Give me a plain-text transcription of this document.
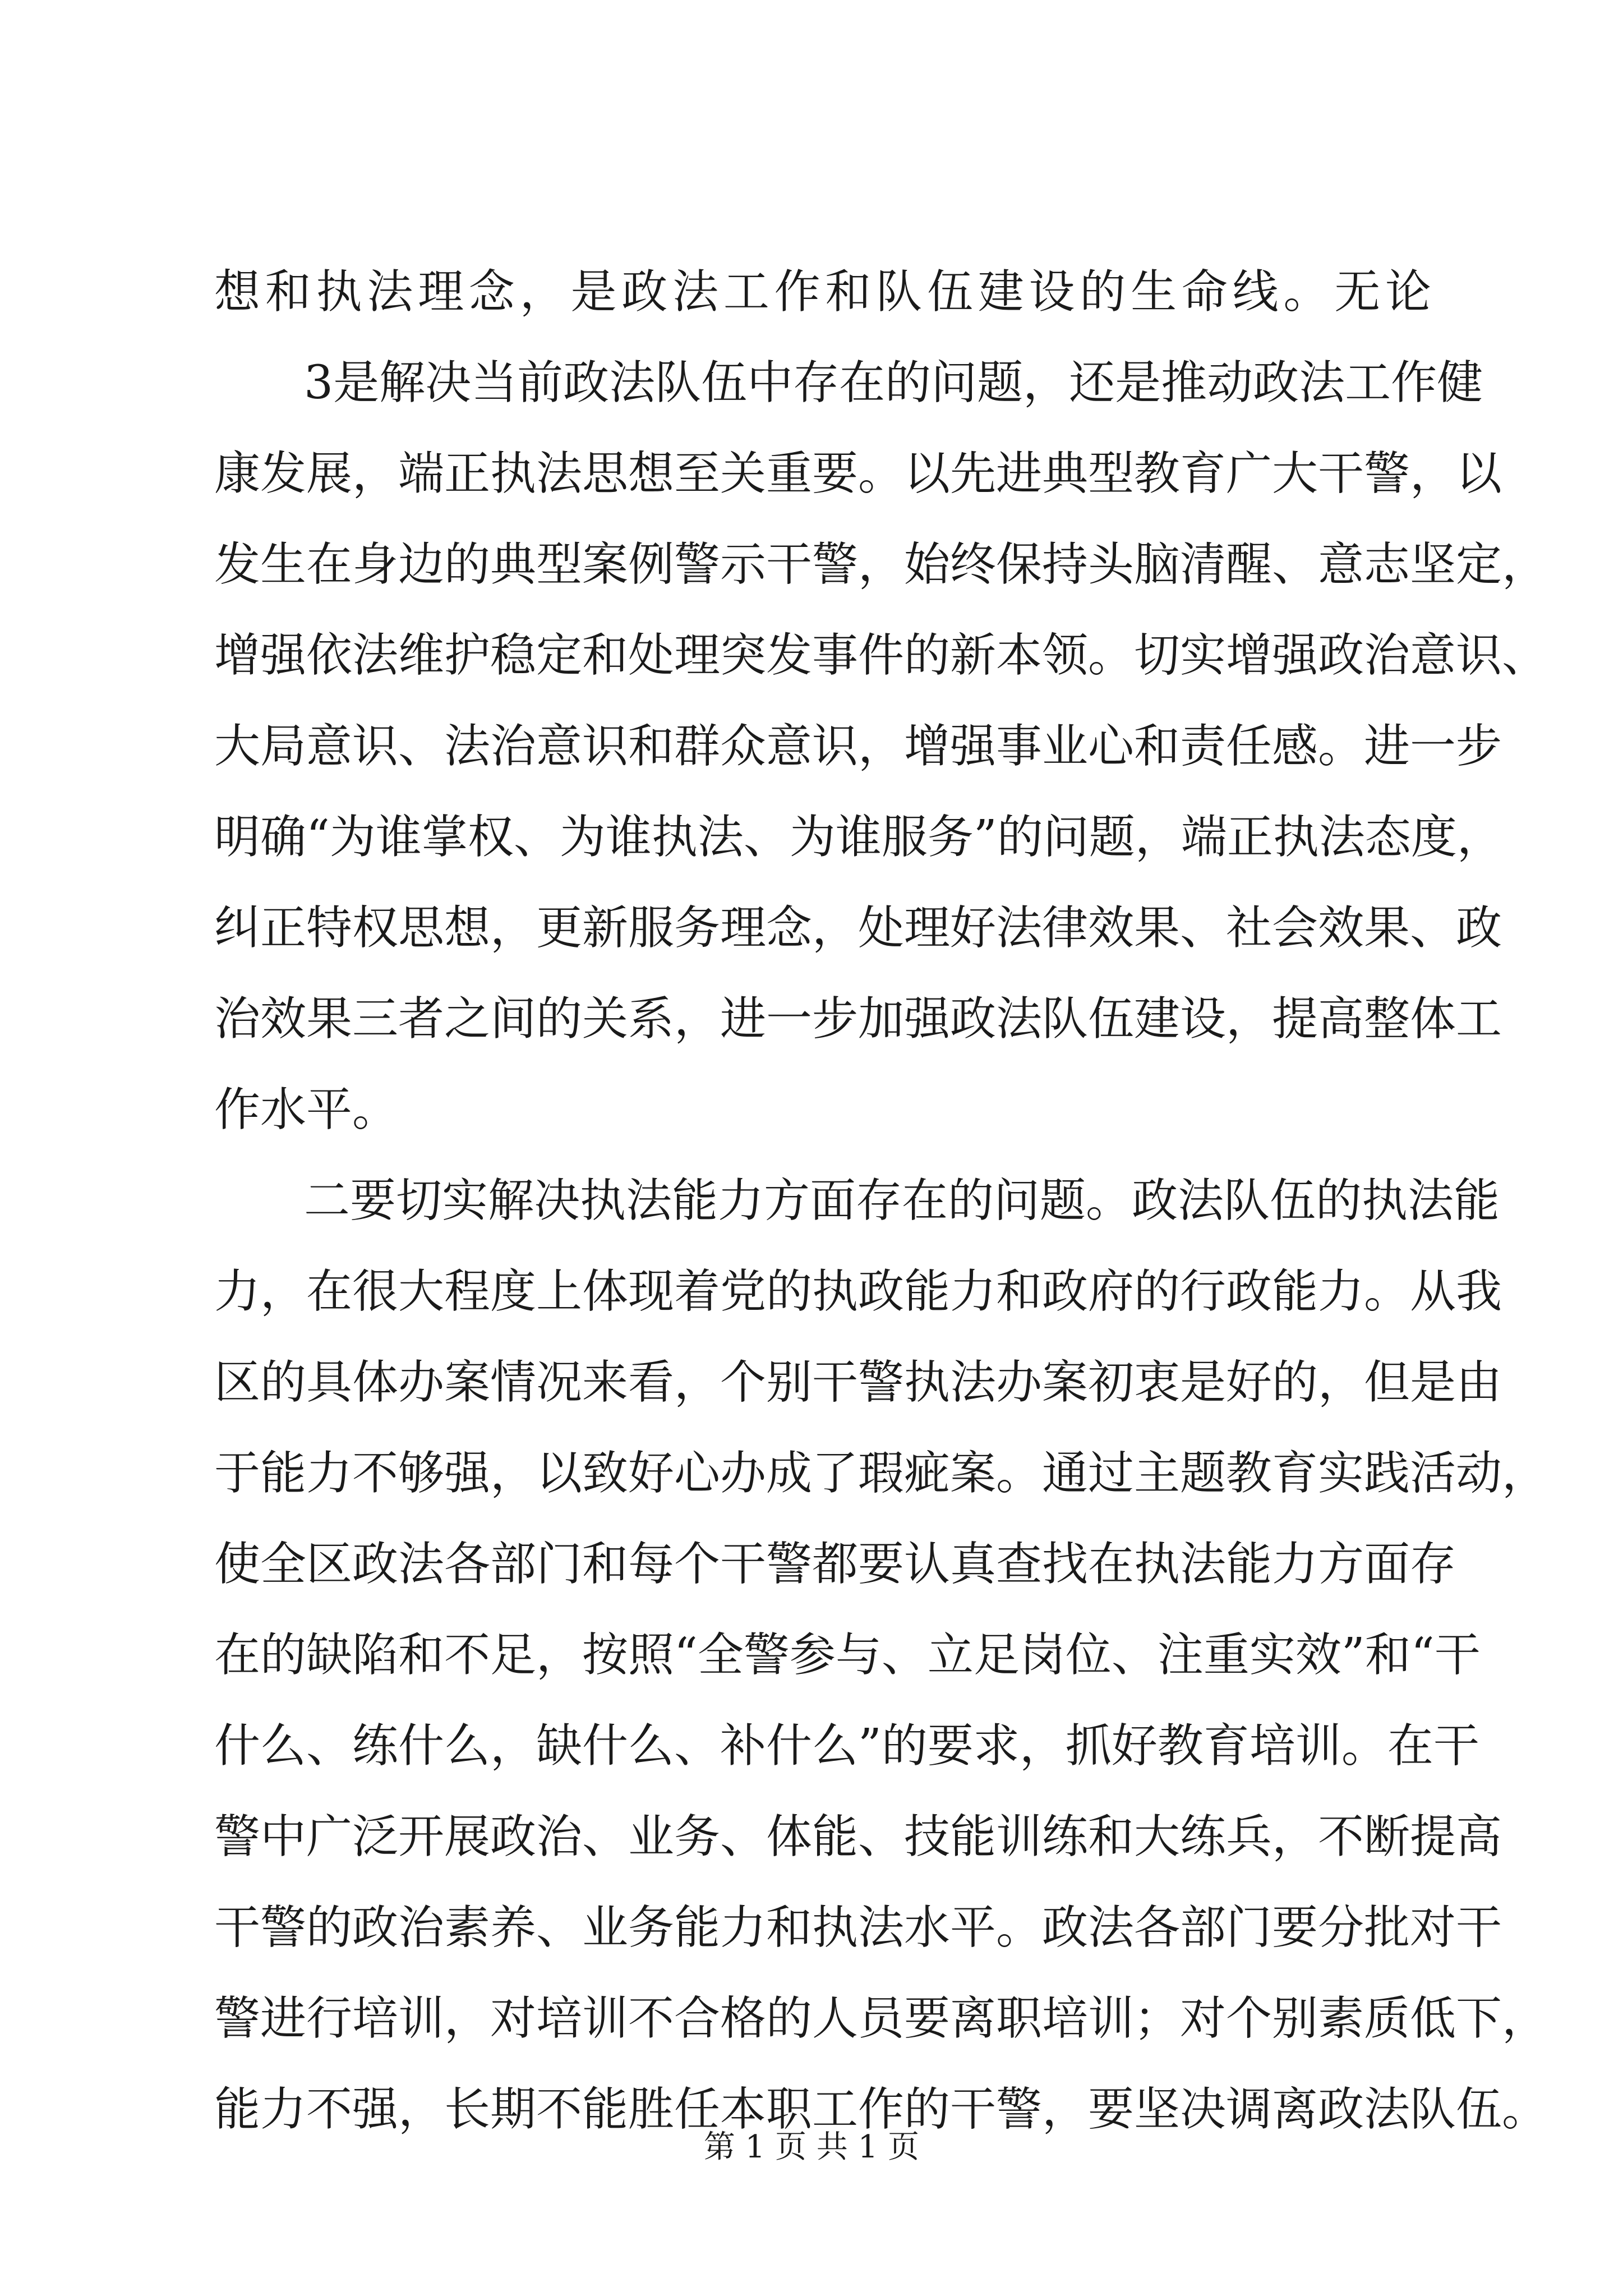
想和执法理念，是政法工作和队伍建设的生命线。无论
3是解决当前政法队伍中存在的问题，还是推动政法工作健
康发展，端正执法思想至关重要。以先进典型教育广大干警，以
发生在身边的典型案例警示干警，始终保持头脑清醒、意志坚定，
增强依法维护稳定和处理突发事件的新本领。切实增强政治意识、
大局意识、法治意识和群众意识，增强事业心和责任感。进一步
明确“为谁掌权、为谁执法、为谁服务”的问题，端正执法态度，
纠正特权思想，更新服务理念，处理好法律效果、社会效果、政
治效果三者之间的关系，进一步加强政法队伍建设，提高整体工
作水平。
二要切实解决执法能力方面存在的问题。政法队伍的执法能
力，在很大程度上体现着党的执政能力和政府的行政能力。从我
区的具体办案情况来看，个别干警执法办案初衷是好的，但是由
于能力不够强，以致好心办成了瑕疵案。通过主题教育实践活动，
使全区政法各部门和每个干警都要认真查找在执法能力方面存
在的缺陷和不足，按照“全警参与、立足岗位、注重实效”和“干
什么、练什么，缺什么、补什么”的要求，抓好教育培训。在干
警中广泛开展政治、业务、体能、技能训练和大练兵，不断提高
干警的政治素养、业务能力和执法水平。政法各部门要分批对干
警进行培训，对培训不合格的人员要离职培训；对个别素质低下，
能力不强，长期不能胜任本职工作的干警，要坚决调离政法队伍。
第 1 页 共 1 页
